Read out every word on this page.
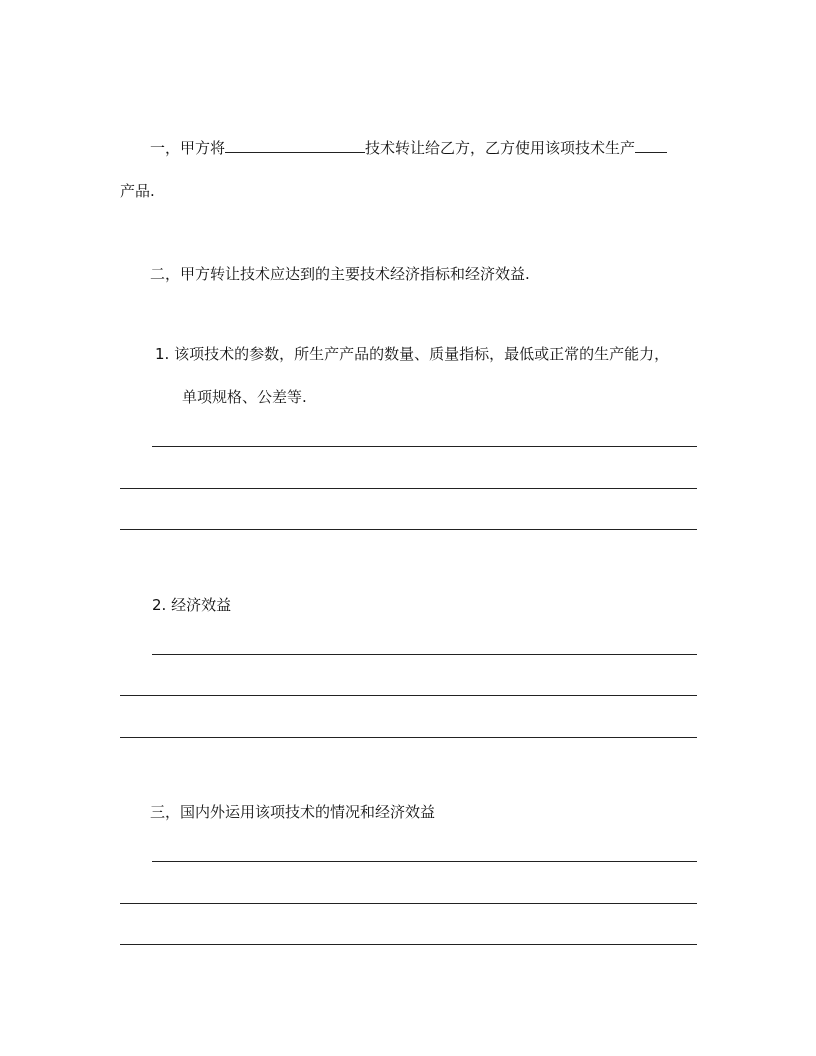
一，甲方将	技术转让给乙方，乙方使用该项技术生产
产品.
二，甲方转让技术应达到的主要技术经济指标和经济效益.
1. 该项技术的参数，所生产产品的数量、质量指标，最低或正常的生产能力，
单项规格、公差等.
2. 经济效益
三，国内外运用该项技术的情况和经济效益
